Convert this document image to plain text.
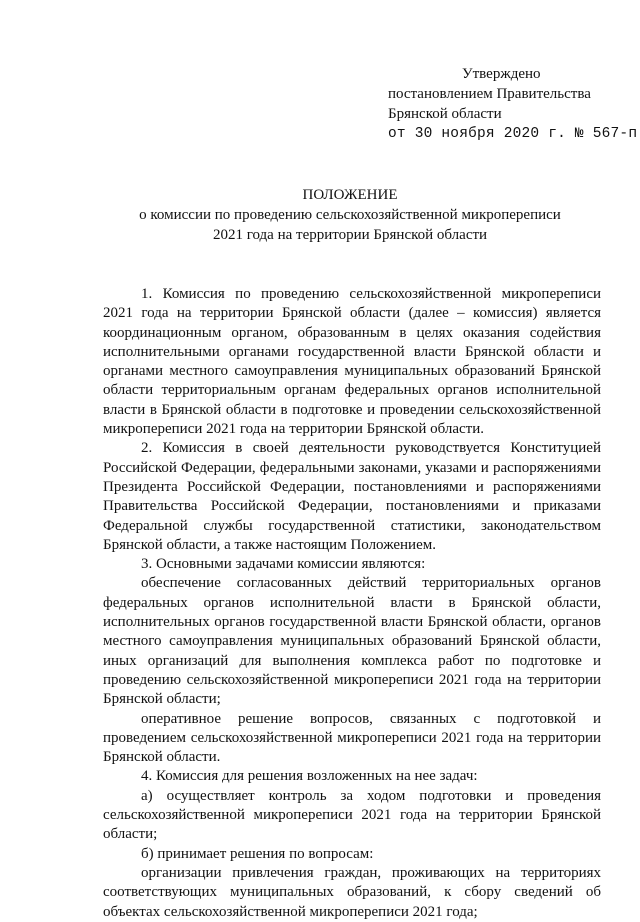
Утверждено
постановлением Правительства
Брянской области
от 30 ноября 2020 г. № 567-п
ПОЛОЖЕНИЕ
о комиссии по проведению сельскохозяйственной микропереписи
2021 года на территории Брянской области

1. Комиссия по проведению сельскохозяйственной микропереписи 2021 года на территории Брянской области (далее – комиссия) является координационным органом, образованным в целях оказания содействия исполнительными органами государственной власти Брянской области и органами местного самоуправления муниципальных образований Брянской области территориальным органам федеральных органов исполнительной власти в Брянской области в подготовке и проведении сельскохозяйственной микропереписи 2021 года на территории Брянской области.

2. Комиссия в своей деятельности руководствуется Конституцией Российской Федерации, федеральными законами, указами и распоряжениями Президента Российской Федерации, постановлениями и распоряжениями Правительства Российской Федерации, постановлениями и приказами Федеральной службы государственной статистики, законодательством Брянской области, а также настоящим Положением.

3. Основными задачами комиссии являются:

обеспечение согласованных действий территориальных органов федеральных органов исполнительной власти в Брянской области, исполнительных органов государственной власти Брянской области, органов местного самоуправления муниципальных образований Брянской области, иных организаций для выполнения комплекса работ по подготовке и проведению сельскохозяйственной микропереписи 2021 года на территории Брянской области;

оперативное решение вопросов, связанных с подготовкой и проведением сельскохозяйственной микропереписи 2021 года на территории Брянской области.

4. Комиссия для решения возложенных на нее задач:

а) осуществляет контроль за ходом подготовки и проведения сельскохозяйственной микропереписи 2021 года на территории Брянской области;

б) принимает решения по вопросам:

организации привлечения граждан, проживающих на территориях соответствующих муниципальных образований, к сбору сведений об объектах сельскохозяйственной микропереписи 2021 года;
